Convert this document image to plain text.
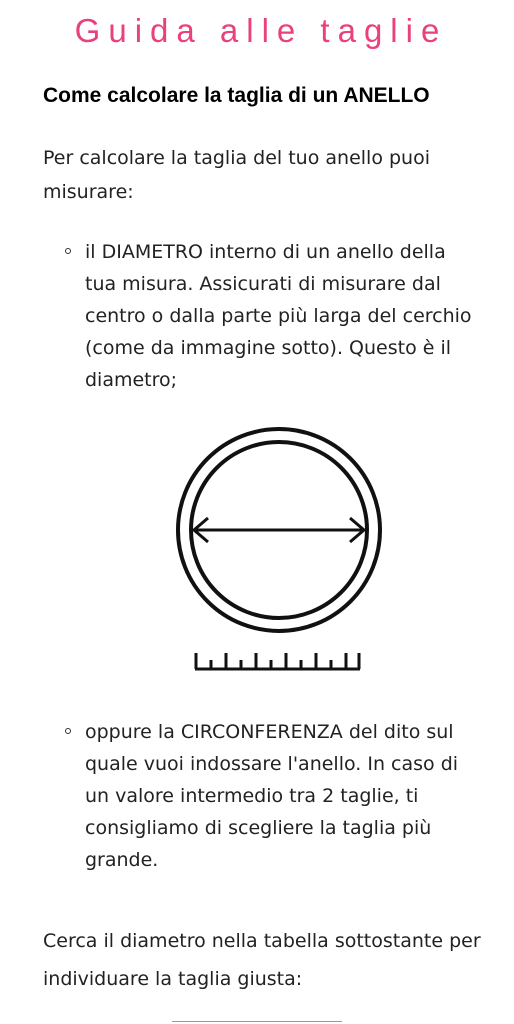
Guida alle taglie
Come calcolare la taglia di un ANELLO

Per calcolare la taglia del tuo anello puoi misurare:

il DIAMETRO interno di un anello della tua misura. Assicurati di misurare dal centro o dalla parte più larga del cerchio (come da immagine sotto). Questo è il diametro;
oppure la CIRCONFERENZA del dito sul quale vuoi indossare l'anello. In caso di un valore intermedio tra 2 taglie, ti consigliamo di scegliere la taglia più grande.

Cerca il diametro nella tabella sottostante per individuare la taglia giusta:
